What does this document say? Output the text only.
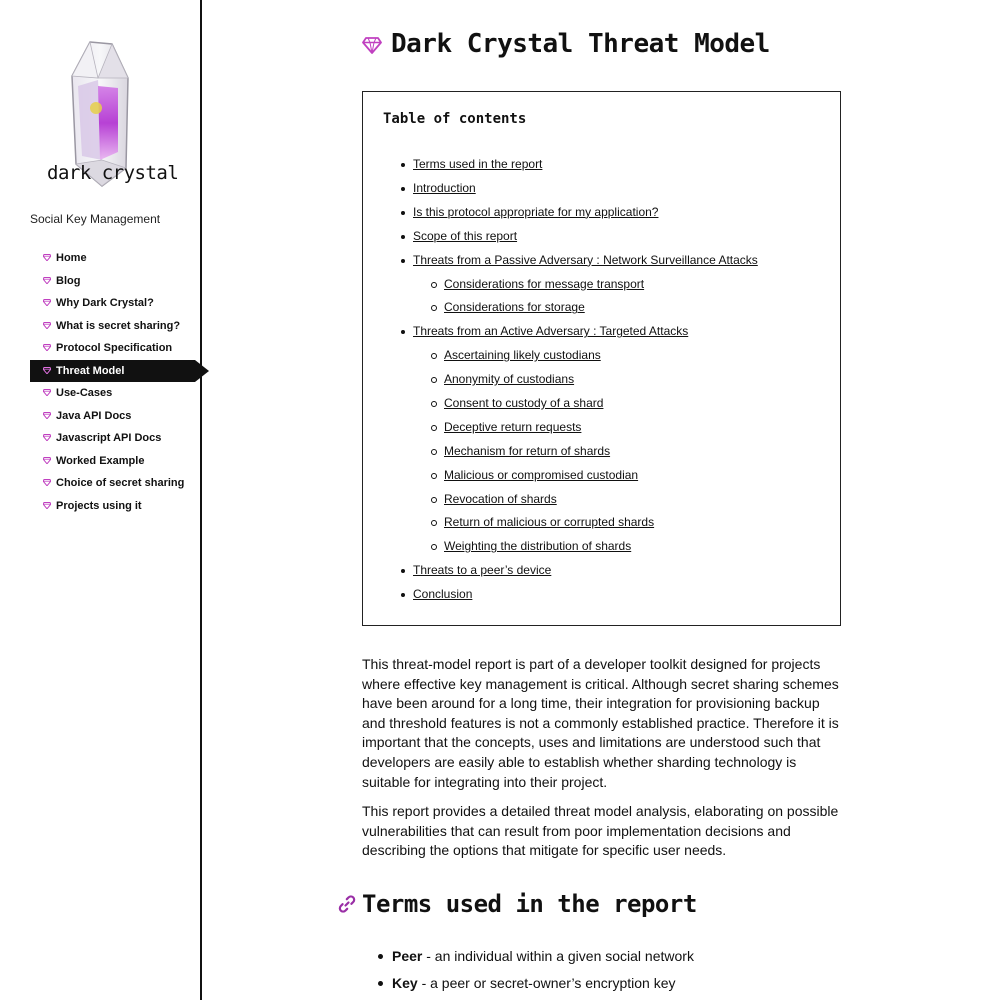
dark crystal
Social Key Management
Home
Blog
Why Dark Crystal?
What is secret sharing?
Protocol Specification
Threat Model
Use-Cases
Java API Docs
Javascript API Docs
Worked Example
Choice of secret sharing
Projects using it
Dark Crystal Threat Model
Table of contents
Terms used in the report
Introduction
Is this protocol appropriate for my application?
Scope of this report
Threats from a Passive Adversary : Network Surveillance Attacks
Considerations for message transport
Considerations for storage
Threats from an Active Adversary : Targeted Attacks
Ascertaining likely custodians
Anonymity of custodians
Consent to custody of a shard
Deceptive return requests
Mechanism for return of shards
Malicious or compromised custodian
Revocation of shards
Return of malicious or corrupted shards
Weighting the distribution of shards
Threats to a peer’s device
Conclusion

This threat-model report is part of a developer toolkit designed for projects where effective key management is critical. Although secret sharing schemes have been around for a long time, their integration for provisioning backup and threshold features is not a commonly established practice. Therefore it is important that the concepts, uses and limitations are understood such that developers are easily able to establish whether sharding technology is suitable for integrating into their project.

This report provides a detailed threat model analysis, elaborating on possible vulnerabilities that can result from poor implementation decisions and describing the options that mitigate for specific user needs.

Terms used in the report
Peer - an individual within a given social network
Key - a peer or secret-owner’s encryption key
